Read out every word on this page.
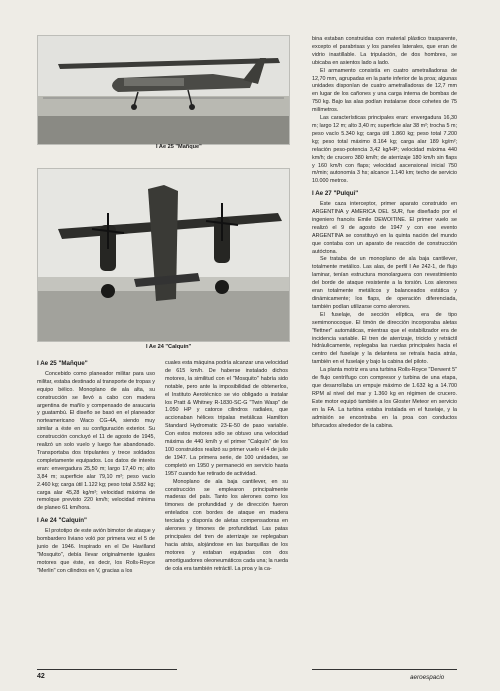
I Ae 25 "Mañque"
I Ae 24 "Calquín"

bina estaban construidas con material plástico trasparente, excepto el parabrisas y los paneles laterales, que eran de vidrio inastillable. La tripulación, de dos hombres, se ubicaba en asientos lado a lado.

El armamento consistía en cuatro ametralladoras de 12,70 mm, agrupadas en la parte inferior de la proa; algunas unidades disponían de cuatro ametralladoras de 12,7 mm en lugar de los cañones y una carga interna de bombas de 750 kg. Bajo las alas podían instalarse doce cohetes de 75 milímetros.

Las características principales eran: envergadura 16,30 m; largo 12 m; alto 3,40 m; superficie alar 38 m²; trocha 5 m; peso vacío 5.340 kg; carga útil 1.860 kg; peso total 7.200 kg; peso total máximo 8.164 kg; carga alar 189 kg/m²; relación peso-potencia 3,42 kg/HP; velocidad máxima 440 km/h; de crucero 380 km/h; de aterrizaje 180 km/h sin flaps y 160 km/h con flaps; velocidad ascensional inicial 750 m/min; autonomía 3 hs; alcance 1.140 km; techo de servicio 10.000 metros.

I Ae 27 "Pulqui"

Este caza interceptor, primer aparato construido en ARGENTINA y AMERICA DEL SUR, fue diseñado por el ingeniero francés Emile DEWOITINE. El primer vuelo se realizó el 9 de agosto de 1947 y con ese evento ARGENTINA se constituyó en la quinta nación del mundo que contaba con un aparato de reacción de construcción autóctona.

Se trataba de un monoplano de ala baja cantilever, totalmente metálico. Las alas, de perfil I Ae 242-1, de flujo laminar, tenían estructura monolarguera con revestimiento del borde de ataque resistente a la torsión. Los alerones eran totalmente metálicos y balanceados estática y dinámicamente; los flaps, de operación diferenciada, también podían utilizarse como alerones.

El fuselaje, de sección elíptica, era de tipo semimonocoque. El timón de dirección incorporaba aletas "flettner" automáticas, mientras que el estabilizador era de incidencia variable. El tren de aterrizaje, triciclo y retráctil hidráulicamente, replegaba las ruedas principales hacia el centro del fuselaje y la delantera se retraía hacia atrás, también en el fuselaje y bajo la cabina del piloto.

La planta motriz era una turbina Rolls-Royce "Derwent 5" de flujo centrífugo con compresor y turbina de una etapa, que desarrollaba un empuje máximo de 1.632 kg a 14.700 RPM al nivel del mar y 1.360 kg en régimen de crucero. Este motor equipó también a los Gloster Meteor en servicio en la FA. La turbina estaba instalada en el fuselaje, y la admisión se encontraba en la proa con conductos bifurcados alrededor de la cabina.

I Ae 25 "Mañque"

Concebido como planeador militar para uso militar, estaba destinado al transporte de tropas y equipo bélico. Monoplano de ala alta, su construcción se llevó a cabo con madera argentina de mañío y compensado de araucaria y guatambú. El diseño se basó en el planeador norteamericano Waco CG-4A, siendo muy similar a éste en su configuración exterior. Su construcción concluyó el 11 de agosto de 1945, realizó un solo vuelo y luego fue abandonado. Transportaba dos tripulantes y trece soldados completamente equipados. Los datos de interés eran: envergadura 25,50 m; largo 17,40 m; alto 3,84 m; superficie alar 79,10 m²; peso vacío 2.460 kg; carga útil 1.122 kg; peso total 3.582 kg; carga alar 45,28 kg/m²; velocidad máxima de remolque previsto 220 km/h; velocidad mínima de planeo 61 km/hora.

I Ae 24 "Calquín"

El prototipo de este avión bimotor de ataque y bombardero liviano voló por primera vez el 5 de junio de 1946. Inspirado en el De Havilland "Mosquito", debía llevar originalmente iguales motores que éste, es decir, los Rolls-Royce "Merlin" con cilindros en V, gracias a los

cuales esta máquina podría alcanzar una velocidad de 615 km/h. De haberse instalado dichos motores, la similitud con el "Mosquito" habría sido notable, pero ante la imposibilidad de obtenerlos, el Instituto Aerotécnico se vio obligado a instalar los Pratt & Whitney R-1830-SC-G "Twin Wasp" de 1.050 HP y catorce cilindros radiales, que accionaban hélices tripalas metálicas Hamilton Standard Hydromatic 23-E-50 de paso variable. Con estos motores sólo se obtuvo una velocidad máxima de 440 km/h y el primer "Calquín" de los 100 construidos realizó su primer vuelo el 4 de julio de 1947. La primera serie, de 100 unidades, se completó en 1950 y permaneció en servicio hasta 1957 cuando fue retirado de actividad.

Monoplano de ala baja cantilever, en su construcción se emplearon principalmente maderas del país. Tanto los alerones como los timones de profundidad y de dirección fueron entelados con bordes de ataque en madera terciada y disponía de aletas compensadoras en alerones y timones de profundidad. Las patas principales del tren de aterrizaje se replegaban hacia atrás, alojándose en las barquillas de los motores y estaban equipadas con dos amortiguadores oleoneumáticos cada una; la rueda de cola era también retráctil. La proa y la ca-

42	aeroespacio
